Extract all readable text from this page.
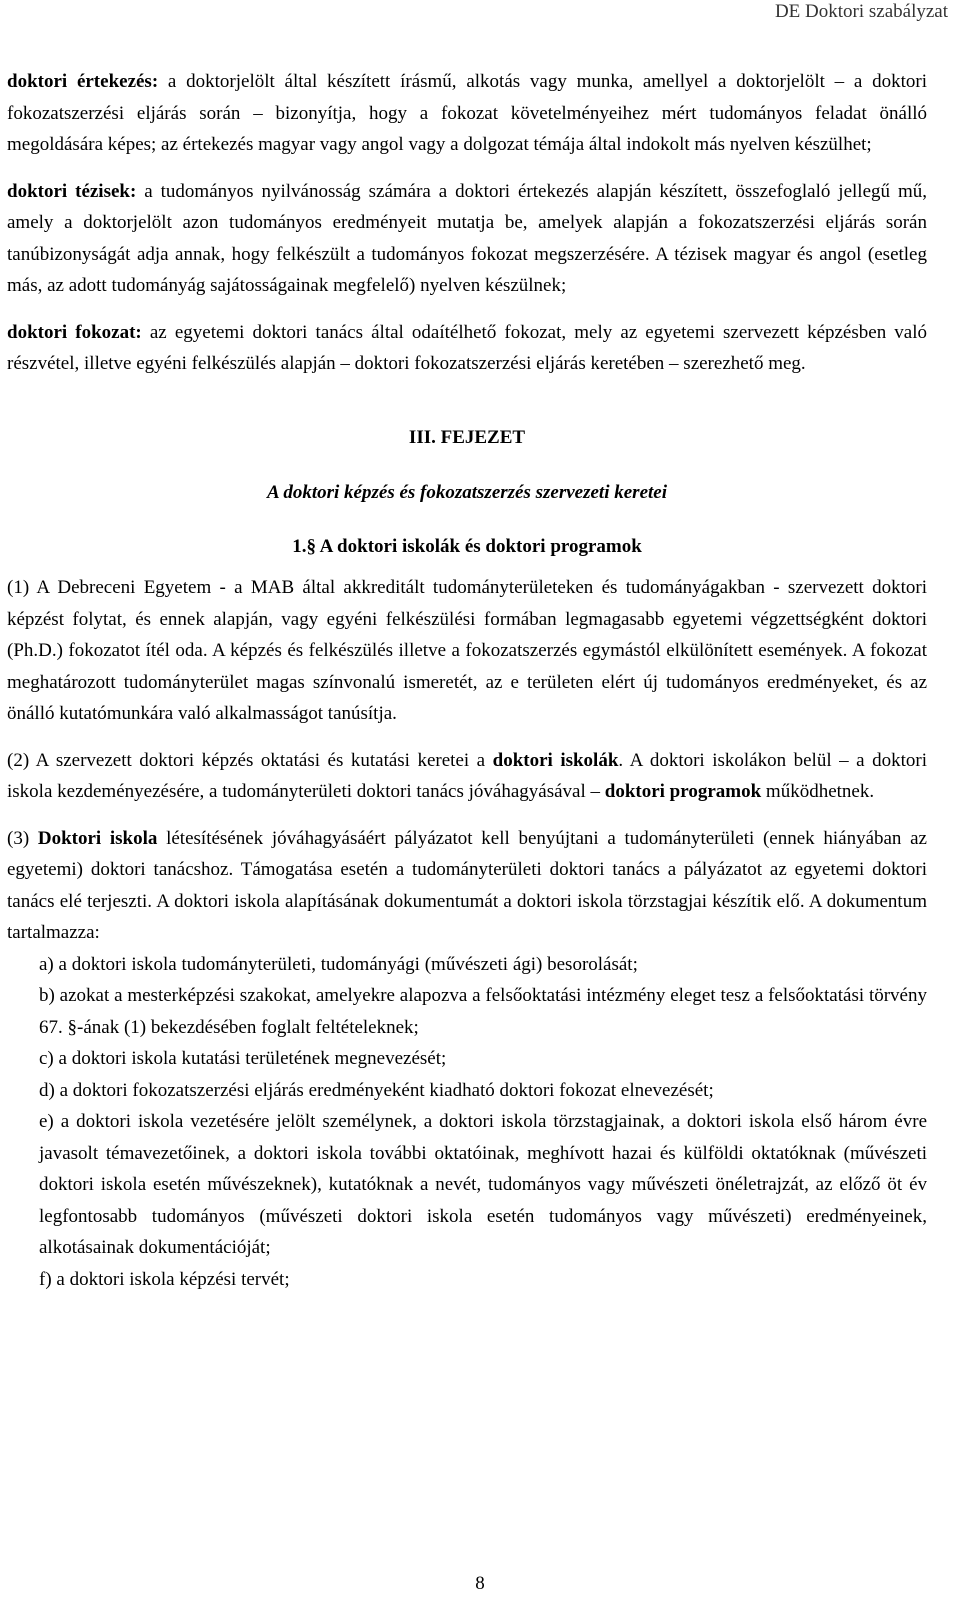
DE Doktori szabályzat

doktori értekezés: a doktorjelölt által készített írásmű, alkotás vagy munka, amellyel a doktorjelölt – a doktori fokozatszerzési eljárás során – bizonyítja, hogy a fokozat követelményeihez mért tudományos feladat önálló megoldására képes; az értekezés magyar vagy angol vagy a dolgozat témája által indokolt más nyelven készülhet;

doktori tézisek: a tudományos nyilvánosság számára a doktori értekezés alapján készített, összefoglaló jellegű mű, amely a doktorjelölt azon tudományos eredményeit mutatja be, amelyek alapján a fokozatszerzési eljárás során tanúbizonyságát adja annak, hogy felkészült a tudományos fokozat megszerzésére. A tézisek magyar és angol (esetleg más, az adott tudományág sajátosságainak megfelelő) nyelven készülnek;

doktori fokozat: az egyetemi doktori tanács által odaítélhető fokozat, mely az egyetemi szervezett képzésben való részvétel, illetve egyéni felkészülés alapján – doktori fokozatszerzési eljárás keretében – szerezhető meg.

III. FEJEZET

A doktori képzés és fokozatszerzés szervezeti keretei

1.§ A doktori iskolák és doktori programok

(1) A Debreceni Egyetem - a MAB által akkreditált tudományterületeken és tudományágakban - szervezett doktori képzést folytat, és ennek alapján, vagy egyéni felkészülési formában legmagasabb egyetemi végzettségként doktori (Ph.D.) fokozatot ítél oda. A képzés és felkészülés illetve a fokozatszerzés egymástól elkülönített események. A fokozat meghatározott tudományterület magas színvonalú ismeretét, az e területen elért új tudományos eredményeket, és az önálló kutatómunkára való alkalmasságot tanúsítja.

(2) A szervezett doktori képzés oktatási és kutatási keretei a doktori iskolák. A doktori iskolákon belül – a doktori iskola kezdeményezésére, a tudományterületi doktori tanács jóváhagyásával – doktori programok működhetnek.

(3) Doktori iskola létesítésének jóváhagyásáért pályázatot kell benyújtani a tudományterületi (ennek hiányában az egyetemi) doktori tanácshoz. Támogatása esetén a tudományterületi doktori tanács a pályázatot az egyetemi doktori tanács elé terjeszti. A doktori iskola alapításának dokumentumát a doktori iskola törzstagjai készítik elő. A dokumentum tartalmazza:

a) a doktori iskola tudományterületi, tudományági (művészeti ági) besorolását;

b) azokat a mesterképzési szakokat, amelyekre alapozva a felsőoktatási intézmény eleget tesz a felsőoktatási törvény 67. §-ának (1) bekezdésében foglalt feltételeknek;

c) a doktori iskola kutatási területének megnevezését;

d) a doktori fokozatszerzési eljárás eredményeként kiadható doktori fokozat elnevezését;

e) a doktori iskola vezetésére jelölt személynek, a doktori iskola törzstagjainak, a doktori iskola első három évre javasolt témavezetőinek, a doktori iskola további oktatóinak, meghívott hazai és külföldi oktatóknak (művészeti doktori iskola esetén művészeknek), kutatóknak a nevét, tudományos vagy művészeti önéletrajzát, az előző öt év legfontosabb tudományos (művészeti doktori iskola esetén tudományos vagy művészeti) eredményeinek, alkotásainak dokumentációját;

f) a doktori iskola képzési tervét;

8
